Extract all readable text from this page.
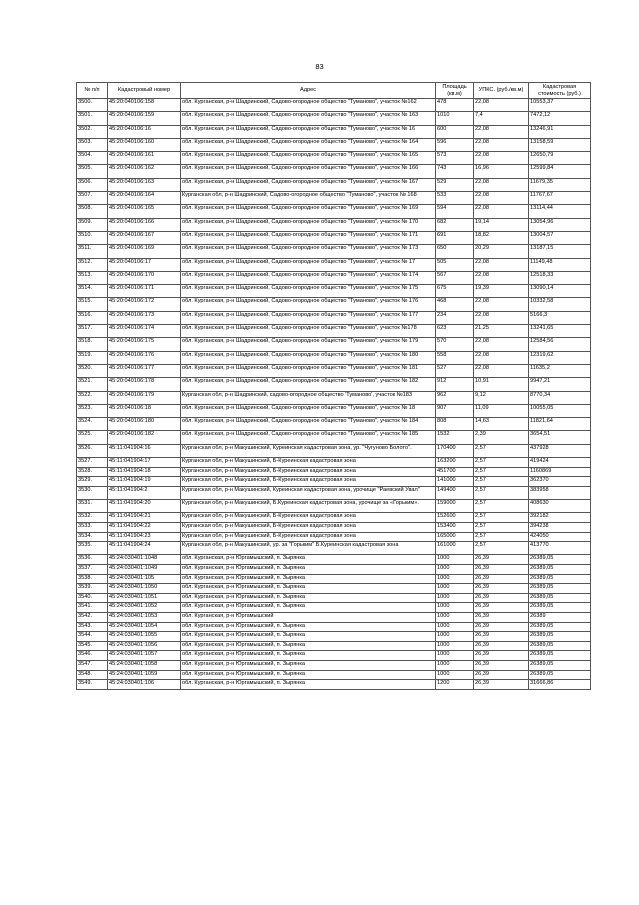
83
№ п/п	Кадастровый номер	Адрес	Площадь (кв.м)	УПКС. (руб./кв.м)	Кадастровая стоимость (руб.)
3500.	45:20:040106:158	обл. Курганская, р-н Шадринский, Садово-огородное общество "Туманово", участок №162	478	22,08	10553,37
3501.	45:20:040106:159	обл. Курганская, р-н Шадринский, Садово-огородное общество "Туманово", участок № 163	1010	7,4	7472,12
3502.	45:20:040106:16	обл. Курганская, р-н Шадринский, Садово-огородное общество "Туманово", участок № 16	600	22,08	13246,91
3503.	45:20:040106:160	обл. Курганская, р-н Шадринский, Садово-огородное общество "Туманово", участок № 164	596	22,08	13158,59
3504.	45:20:040106:161	обл. Курганская, р-н Шадринский, Садово-огородное общество "Туманово", участок № 165	573	22,08	12650,79
3505.	45:20:040106:162	обл. Курганская, р-н Шадринский, Садово-огородное общество "Туманово", участок № 166	743	16,96	12599,84
3506.	45:20:040106:163	обл. Курганская, р-н Шадринский, Садово-огородное общество "Туманово", участок № 167	529	22,08	11679,35
3507.	45:20:040106:164	Курганская обл, р-н Шадринский, Садово-огородное общество "Туманово", участок № 168	533	22,08	11767,67
3508.	45:20:040106:165	обл. Курганская, р-н Шадринский, Садово-огородное общество "Туманово", участок № 169	594	22,08	13114,44
3509.	45:20:040106:166	обл. Курганская, р-н Шадринский, Садово-огородное общество "Туманово", участок № 170	682	19,14	13054,96
3510.	45:20:040106:167	обл. Курганская, р-н Шадринский, Садово-огородное общество "Туманово", участок № 171	691	18,82	13004,57
3511.	45:20:040106:169	обл. Курганская, р-н Шадринский, Садово-огородное общество "Туманово", участок № 173	650	20,29	13187,15
3512.	45:20:040106:17	обл. Курганская, р-н Шадринский, Садово-огородное общество "Туманово", участок № 17	505	22,08	11149,48
3513.	45:20:040106:170	обл. Курганская, р-н Шадринский, Садово-огородное общество "Туманово", участок № 174	567	22,08	12518,33
3514.	45:20:040106:171	обл. Курганская, р-н Шадринский, Садово-огородное общество "Туманово", участок № 175	675	19,39	13090,14
3515.	45:20:040106:172	обл. Курганская, р-н Шадринский, Садово-огородное общество "Туманово", участок № 176	468	22,08	10332,58
3516.	45:20:040106:173	обл. Курганская, р-н Шадринский, Садово-огородное общество "Туманово", участок № 177	234	22,08	5166,3
3517.	45:20:040106:174	обл. Курганская, р-н Шадринский, Садово-огородное общество "Туманово", участок №178	623	21,25	13241,65
3518.	45:20:040106:175	обл. Курганская, р-н Шадринский, Садово-огородное общество "Туманово", участок № 179	570	22,08	12584,56
3519.	45:20:040106:176	обл. Курганская, р-н Шадринский, Садово-огородное общество "Туманово", участок № 180	558	22,08	12319,62
3520.	45:20:040106:177	обл. Курганская, р-н Шадринский, Садово-огородное общество "Туманово", участок № 181	527	22,08	11635,2
3521.	45:20:040106:178	обл. Курганская, р-н Шадринский, Садово-огородное общество "Туманово", участок № 182	912	10,91	9947,21
3522.	45:20:040106:179	Курганская обл, р-н Шадринский, садово-огородное общество 'Туманово', участок №183	962	9,12	8770,34
3523.	45:20:040106:18	обл. Курганская, р-н Шадринский, Садово-огородное общество "Туманово", участок № 18	907	11,09	10055,05
3524.	45:20:040106:180	обл. Курганская, р-н Шадринский, Садово-огородное общество "Туманово", участок № 184	808	14,63	11821,64
3525.	45:20:040106:182	обл. Курганская, р-н Шадринский, Садово-огородное общество "Туманово", участок № 185	1532	2,39	3654,51
3526.	45:11:041904:16	Курганская обл, р-н Макушинский, Куреинская кадастровая зона, ур. "Чугуново Болото".	170400	2,57	437928
3527.	45:11:041904:17	Курганская обл, р-н Макушинский, Б-Куреинская кадастровая зона	163200	2,57	419424
3528.	45:11:041904:18	Курганская обл, р-н Макушинский, Б-Куреинская кадастровая зона	451700	2,57	1160869
3529.	45:11:041904:19	Курганская обл, р-н Макушинский, Б-Куреинская кадастровая зона	141000	2,57	362370
3530.	45:11:041904:2	Курганская обл, р-н Макушинский, Куреинская кадастровая зона, урочище "Раевский Увал"	149400	2,57	383958
3531.	45:11:041904:20	Курганская обл, р-н Макушинский, Б.Куреинская кадастровая зона, урочище за «Горьким».	159000	2,57	408630
3532.	45:11:041904:21	Курганская обл, р-н Макушинский, Б-Куреинская кадастровая зона	152600	2,57	392182
3533.	45:11:041904:22	Курганская обл, р-н Макушинский, Б-Куреинская кадастровая зона	153400	2,57	394238
3534.	45:11:041904:23	Курганская обл, р-н Макушинский, Б-Куреинская кадастровая зона	165000	2,57	424050
3535.	45:11:041904:24	Курганская обл, р-н Макушинский, ур. за "Горьким" Б.Куреинская кадастровая зона	161000	2,57	413770
3536.	45:24:030401:1048	обл. Курганская, р-н Юргамышский, п. Зырянка	1000	26,39	26389,05
3537.	45:24:030401:1049	обл. Курганская, р-н Юргамышский, п. Зырянка	1000	26,39	26389,05
3538.	45:24:030401:105	обл. Курганская, р-н Юргамышский, п. Зырянка	1000	26,39	26389,05
3539.	45:24:030401:1050	обл. Курганская, р-н Юргамышский, п. Зырянка	1000	26,39	26389,05
3540.	45:24:030401:1051	обл. Курганская, р-н Юргамышский, п. Зырянка	1000	26,39	26389,05
3541.	45:24:030401:1052	обл. Курганская, р-н Юргамышский, п. Зырянка	1000	26,39	26389,05
3542.	45:24:030401:1053	обл. Курганская, р-н Юргамышский	1000	26,39	26389
3543.	45:24:030401:1054	обл. Курганская, р-н Юргамышский, п. Зырянка	1000	26,39	26389,05
3544.	45:24:030401:1055	обл. Курганская, р-н Юргамышский, п. Зырянка	1000	26,39	26389,05
3545.	45:24:030401:1056	обл. Курганская, р-н Юргамышский, п. Зырянка	1000	26,39	26389,05
3546.	45:24:030401:1057	обл. Курганская, р-н Юргамышский, п. Зырянка	1000	26,39	26389,05
3547.	45:24:030401:1058	обл. Курганская, р-н Юргамышский, п. Зырянка	1000	26,39	26389,05
3548.	45:24:030401:1059	обл. Курганская, р-н Юргамышский, п. Зырянка	1000	26,39	26389,05
3549.	45:24:030401:106	обл. Курганская, р-н Юргамышский, п. Зырянка	1200	26,39	31666,86
